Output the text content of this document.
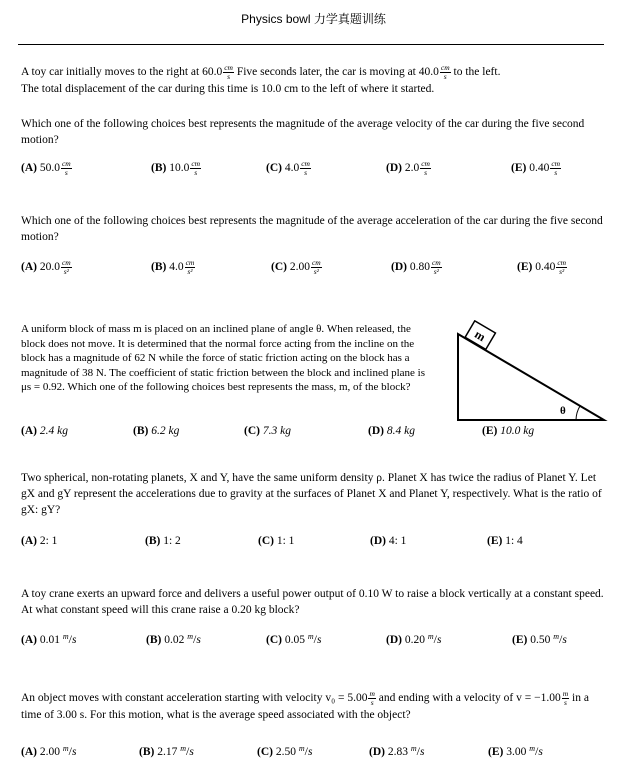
Physics bowl 力学真题训练

A toy car initially moves to the right at $60.0 \frac{cm}{s}$ Five seconds later, the car is moving at $40.0 \frac{cm}{s}$ to the left.
The total displacement of the car during this time is 10.0 cm to the left of where it started.

Which one of the following choices best represents the magnitude of the average velocity of the car during the five second motion?

(A) $50.0 \frac{cm}{s}$	(B) $10.0 \frac{cm}{s}$	(C) $4.0 \frac{cm}{s}$	(D) $2.0 \frac{cm}{s}$	(E) $0.40 \frac{cm}{s}$

Which one of the following choices best represents the magnitude of the average acceleration of the car during the five second motion?

(A) $20.0 \frac{cm}{\text{s²}}$	(B) $4.0 \frac{cm}{\text{s²}}$	(C) $2.00 \frac{cm}{\text{s²}}$	(D) $0.80 \frac{cm}{\text{s²}}$	(E) $0.40 \frac{cm}{\text{s²}}$

A uniform block of mass m is placed on an inclined plane of angle θ. When released, the block does not move. It is determined that the normal force acting from the incline on the block has a magnitude of 62 N while the force of static friction acting on the block has a magnitude of 38 N. The coefficient of static friction between the block and inclined plane is μs = 0.92. Which one of the following choices best represents the mass, m, of the block?

m
θ
(A) 2.4 kg	(B) 6.2 kg	(C) 7.3 kg	(D) 8.4 kg	(E) 10.0 kg

Two spherical, non-rotating planets, X and Y, have the same uniform density ρ. Planet X has twice the radius of Planet Y. Let gX and gY represent the accelerations due to gravity at the surfaces of Planet X and Planet Y, respectively. What is the ratio of gX: gY?

(A) 2: 1	(B) 1: 2	(C) 1: 1	(D) 4: 1	(E) 1: 4

A toy crane exerts an upward force and delivers a useful power output of 0.10 W to raise a block vertically at a constant speed. At what constant speed will this crane raise a 0.20 kg block?

(A) 0.01 $^m$/s	(B) 0.02 $^m$/s	(C) 0.05 $^m$/s	(D) 0.20 $^m$/s	(E) 0.50 $^m$/s

An object moves with constant acceleration starting with velocity $v_0 = 5.00 \frac{m}{s}$ and ending with a velocity of $v = -1.00 \frac{m}{s}$ in a time of 3.00 s. For this motion, what is the average speed associated with the object?

(A) 2.00 $^m$/s	(B) 2.17 $^m$/s	(C) 2.50 $^m$/s	(D) 2.83 $^m$/s	(E) 3.00 $^m$/s
